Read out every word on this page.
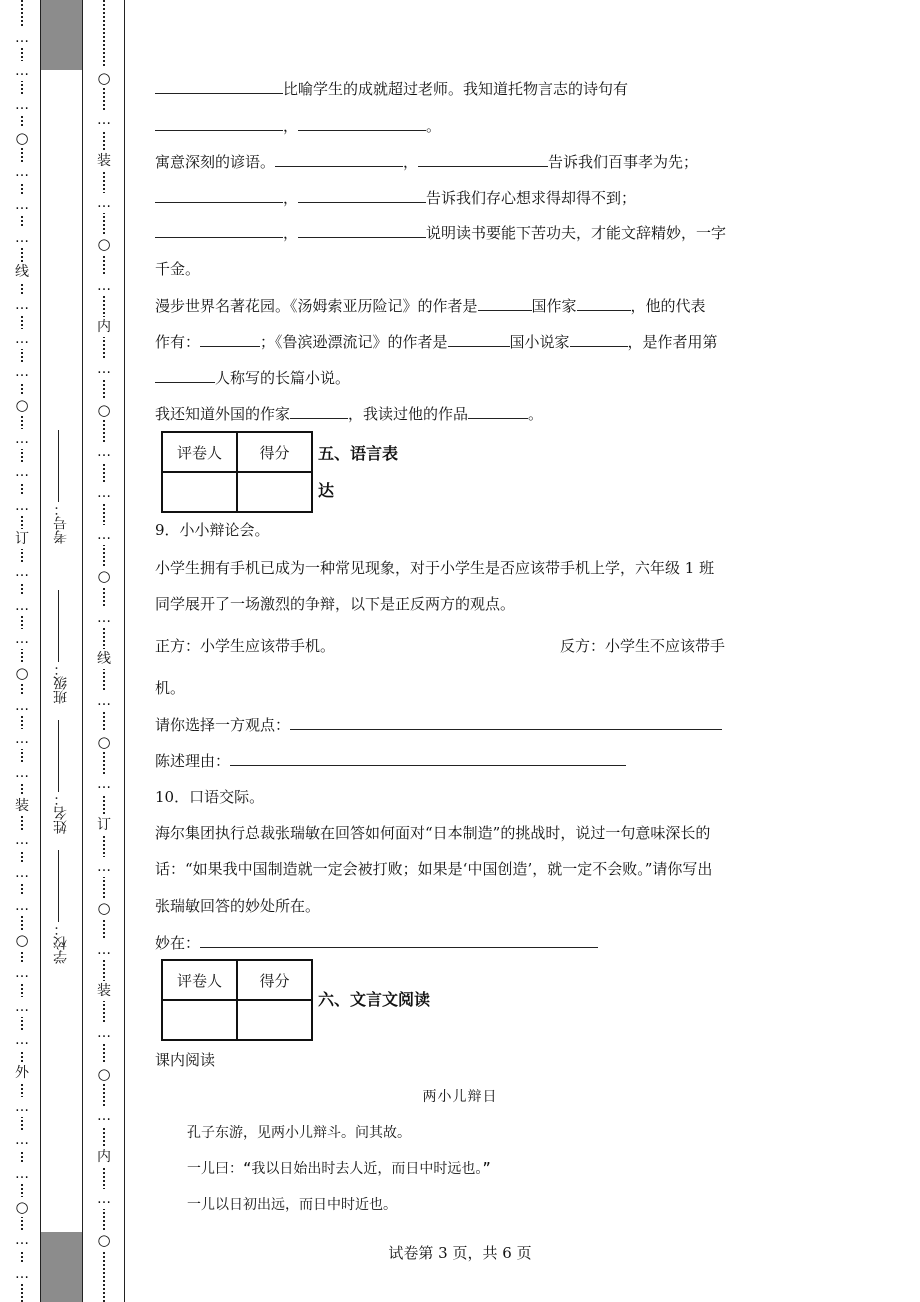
…
…
…
○
…
…
…
线
…
…
…
○
…
…
…
订
…
…
…
○
…
…
…
装
…
…
…
○
…
…
…
外
…
…
…
○
…
…
考号：
班级：
姓名：
学校：
○
…
装
…
○
…
内
…
○
…
…
…
○
…
线
…
○
…
订
…
○
…
装
…
○
…
内
…
○
比喻学生的成就超过老师。我知道托物言志的诗句有
，	。
寓意深刻的谚语。	，	告诉我们百事孝为先；
，	告诉我们存心想求得却得不到；
，	说明读书要能下苦功夫，才能文辞精妙，一字
千金。
漫步世界名著花园。《汤姆索亚历险记》的作者是	国作家	，他的代表
作有：	；《鲁滨逊漂流记》的作者是	国小说家	，是作者用第
人称写的长篇小说。
我还知道外国的作家	，我读过他的作品	。
评卷人	得分
	五、语言表
达
9．小小辩论会。
小学生拥有手机已成为一种常见现象，对于小学生是否应该带手机上学，六年级 1 班
同学展开了一场激烈的争辩，以下是正反两方的观点。
正方：小学生应该带手机。	反方：小学生不应该带手
机。
请你选择一方观点：
陈述理由：
10．口语交际。
海尔集团执行总裁张瑞敏在回答如何面对“日本制造”的挑战时，说过一句意味深长的
话：“如果我中国制造就一定会被打败；如果是‘中国创造’，就一定不会败。”请你写出
张瑞敏回答的妙处所在。
妙在：
评卷人	得分

六、文言文阅读
课内阅读
两小儿辩日
孔子东游，见两小儿辩斗。问其故。
一儿曰：“我以日始出时去人近，而日中时远也。”
一儿以日初出远，而日中时近也。
试卷第 3 页，共 6 页
